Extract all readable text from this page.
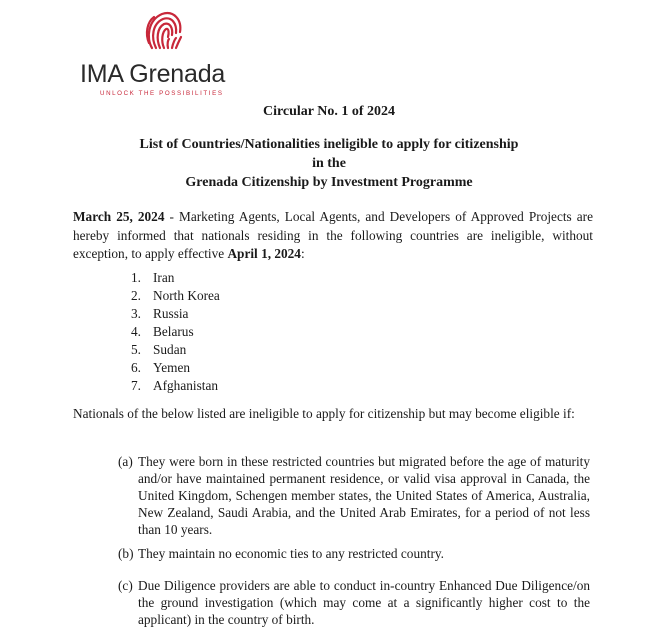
IMA Grenada
UNLOCK THE POSSIBILITIES
Circular No. 1 of 2024
List of Countries/Nationalities ineligible to apply for citizenship
in the
Grenada Citizenship by Investment Programme
March 25, 2024 - Marketing Agents, Local Agents, and Developers of Approved Projects are hereby informed that nationals residing in the following countries are ineligible, without exception, to apply effective April 1, 2024:
1. Iran
2. North Korea
3. Russia
4. Belarus
5. Sudan
6. Yemen
7. Afghanistan
Nationals of the below listed are ineligible to apply for citizenship but may become eligible if:
(a) They were born in these restricted countries but migrated before the age of maturity and/or have maintained permanent residence, or valid visa approval in Canada, the United Kingdom, Schengen member states, the United States of America, Australia, New Zealand, Saudi Arabia, and the United Arab Emirates, for a period of not less than 10 years.
(b) They maintain no economic ties to any restricted country.
(c) Due Diligence providers are able to conduct in-country Enhanced Due Diligence/on the ground investigation (which may come at a significantly higher cost to the applicant) in the country of birth.
